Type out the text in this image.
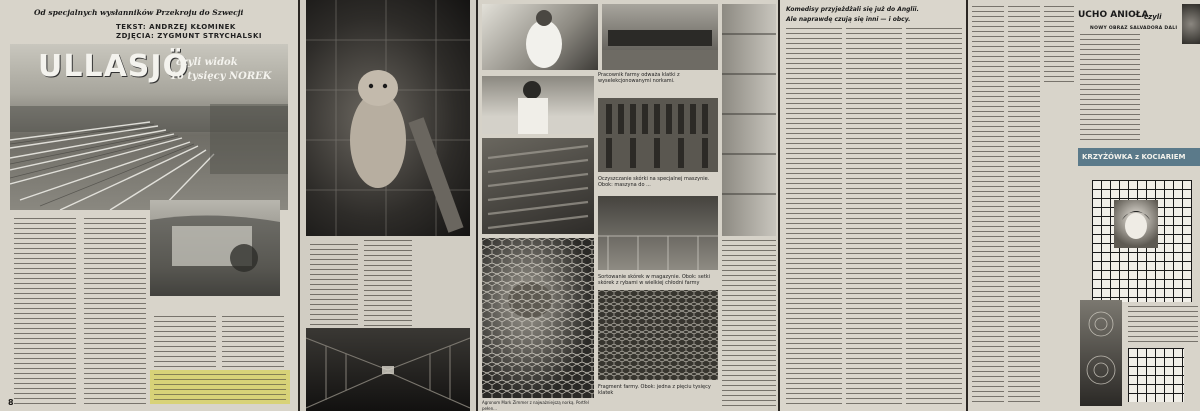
Od specjalnych wysłanników Przekroju do Szwecji
TEKST: ANDRZEJ KŁOMINEK
ZDJĘCIA: ZYGMUNT STRYCHALSKI
ULLASJÖ
czyli widok
16 tysięcy NOREK
8
Pracownik farmy odważa klatki z wyselekcjonowanymi norkami.
Oczyszczanie skórki na specjalnej maszynie. Obok: maszyna do ...
Sortowanie skórek w magazynie. Obok: setki skórek z rybami w wielkiej chłodni farmy
Fragment farmy. Obok: jedna z pięciu tysięcy klatek
Agronom Mark Zimmer z najważniejszą norką. Portfel pełen...
Komedisy przyjeżdżali się już do Anglii.
Ale naprawdę czują się inni — i obcy.	UCHO ANIOŁA
czyli
NOWY OBRAZ SALVADORA DALI
KRZYŻÓWKA z KOCIARIEM
